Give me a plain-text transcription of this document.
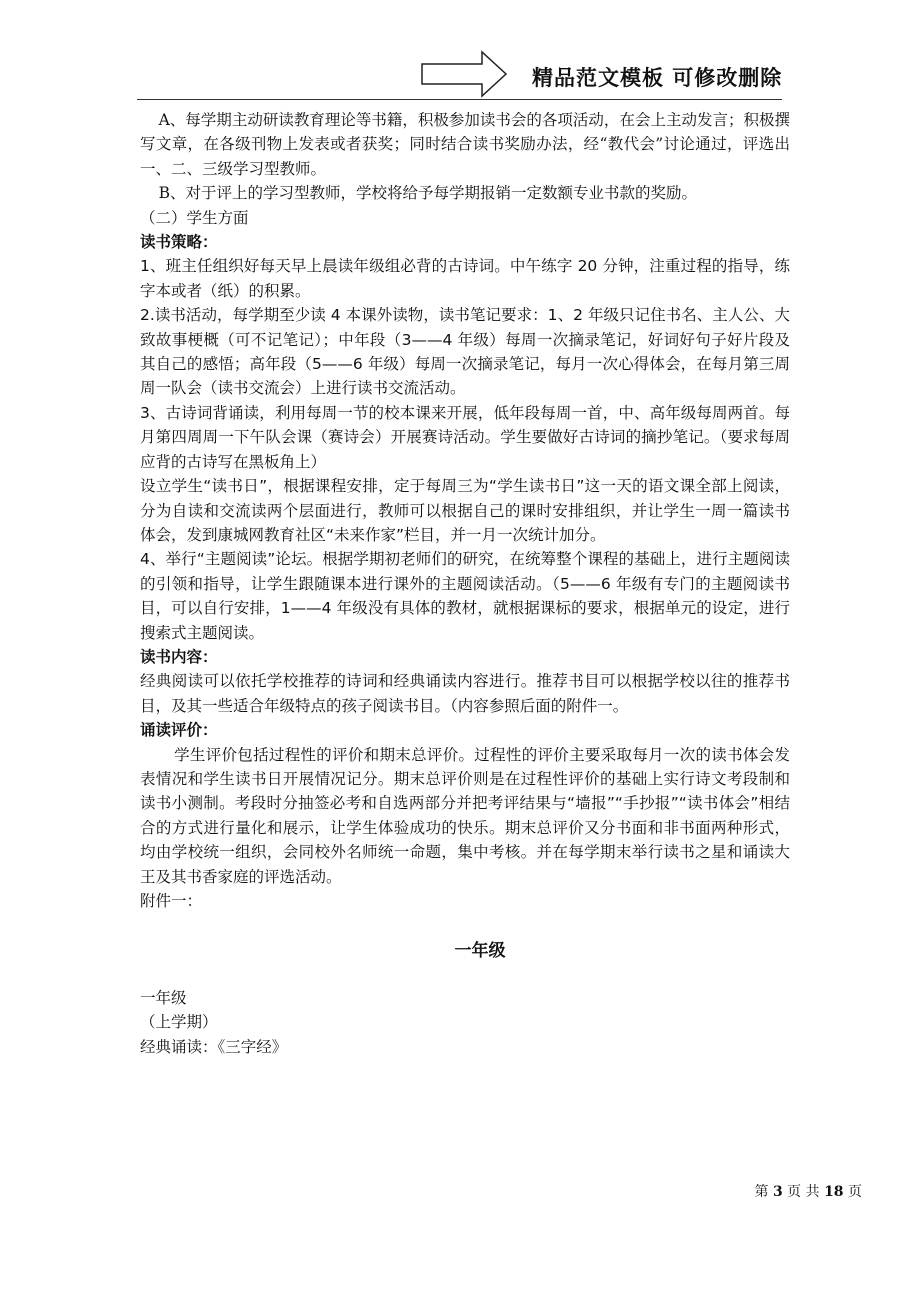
精品范文模板 可修改删除

A、每学期主动研读教育理论等书籍，积极参加读书会的各项活动，在会上主动发言；积极撰写文章，在各级刊物上发表或者获奖；同时结合读书奖励办法，经“教代会”讨论通过，评选出一、二、三级学习型教师。

B、对于评上的学习型教师，学校将给予每学期报销一定数额专业书款的奖励。

（二）学生方面

读书策略：

1、班主任组织好每天早上晨读年级组必背的古诗词。中午练字 20 分钟，注重过程的指导，练字本或者（纸）的积累。

2.读书活动，每学期至少读 4 本课外读物，读书笔记要求：1、2 年级只记住书名、主人公、大致故事梗概（可不记笔记）；中年段（3——4 年级）每周一次摘录笔记，好词好句子好片段及其自己的感悟；高年段（5——6 年级）每周一次摘录笔记，每月一次心得体会，在每月第三周周一队会（读书交流会）上进行读书交流活动。

3、古诗词背诵读，利用每周一节的校本课来开展，低年段每周一首，中、高年级每周两首。每月第四周周一下午队会课（赛诗会）开展赛诗活动。学生要做好古诗词的摘抄笔记。（要求每周应背的古诗写在黑板角上）

设立学生“读书日”，根据课程安排，定于每周三为“学生读书日”这一天的语文课全部上阅读，分为自读和交流读两个层面进行，教师可以根据自己的课时安排组织，并让学生一周一篇读书体会，发到康城网教育社区“未来作家”栏目，并一月一次统计加分。

4、举行“主题阅读”论坛。根据学期初老师们的研究，在统筹整个课程的基础上，进行主题阅读的引领和指导，让学生跟随课本进行课外的主题阅读活动。（5——6 年级有专门的主题阅读书目，可以自行安排，1——4 年级没有具体的教材，就根据课标的要求，根据单元的设定，进行搜索式主题阅读。

读书内容：

经典阅读可以依托学校推荐的诗词和经典诵读内容进行。推荐书目可以根据学校以往的推荐书目，及其一些适合年级特点的孩子阅读书目。（内容参照后面的附件一。

诵读评价：

学生评价包括过程性的评价和期末总评价。过程性的评价主要采取每月一次的读书体会发表情况和学生读书日开展情况记分。期末总评价则是在过程性评价的基础上实行诗文考段制和读书小测制。考段时分抽签必考和自选两部分并把考评结果与“墙报”“手抄报”“读书体会”相结合的方式进行量化和展示，让学生体验成功的快乐。期末总评价又分书面和非书面两种形式，均由学校统一组织，会同校外名师统一命题，集中考核。并在每学期末举行读书之星和诵读大王及其书香家庭的评选活动。

附件一：

一年级

一年级

（上学期）

经典诵读：《三字经》

第 3 页 共 18 页
